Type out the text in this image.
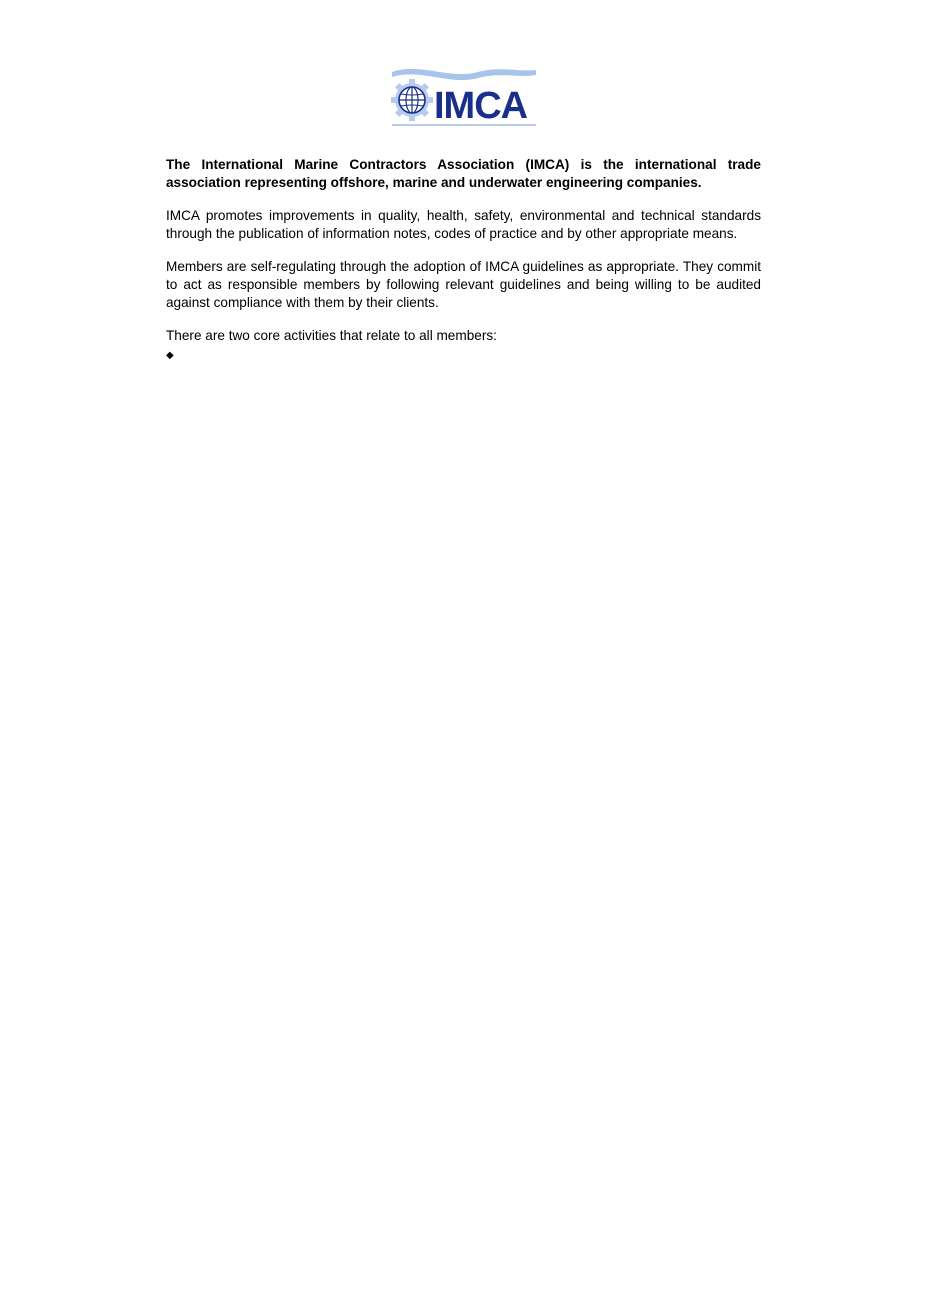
IMCA

The International Marine Contractors Association (IMCA) is the international trade association representing offshore, marine and underwater engineering companies.

IMCA promotes improvements in quality, health, safety, environmental and technical standards through the publication of information notes, codes of practice and by other appropriate means.

Members are self-regulating through the adoption of IMCA guidelines as appropriate. They commit to act as responsible members by following relevant guidelines and being willing to be audited against compliance with them by their clients.

There are two core activities that relate to all members:

◆
